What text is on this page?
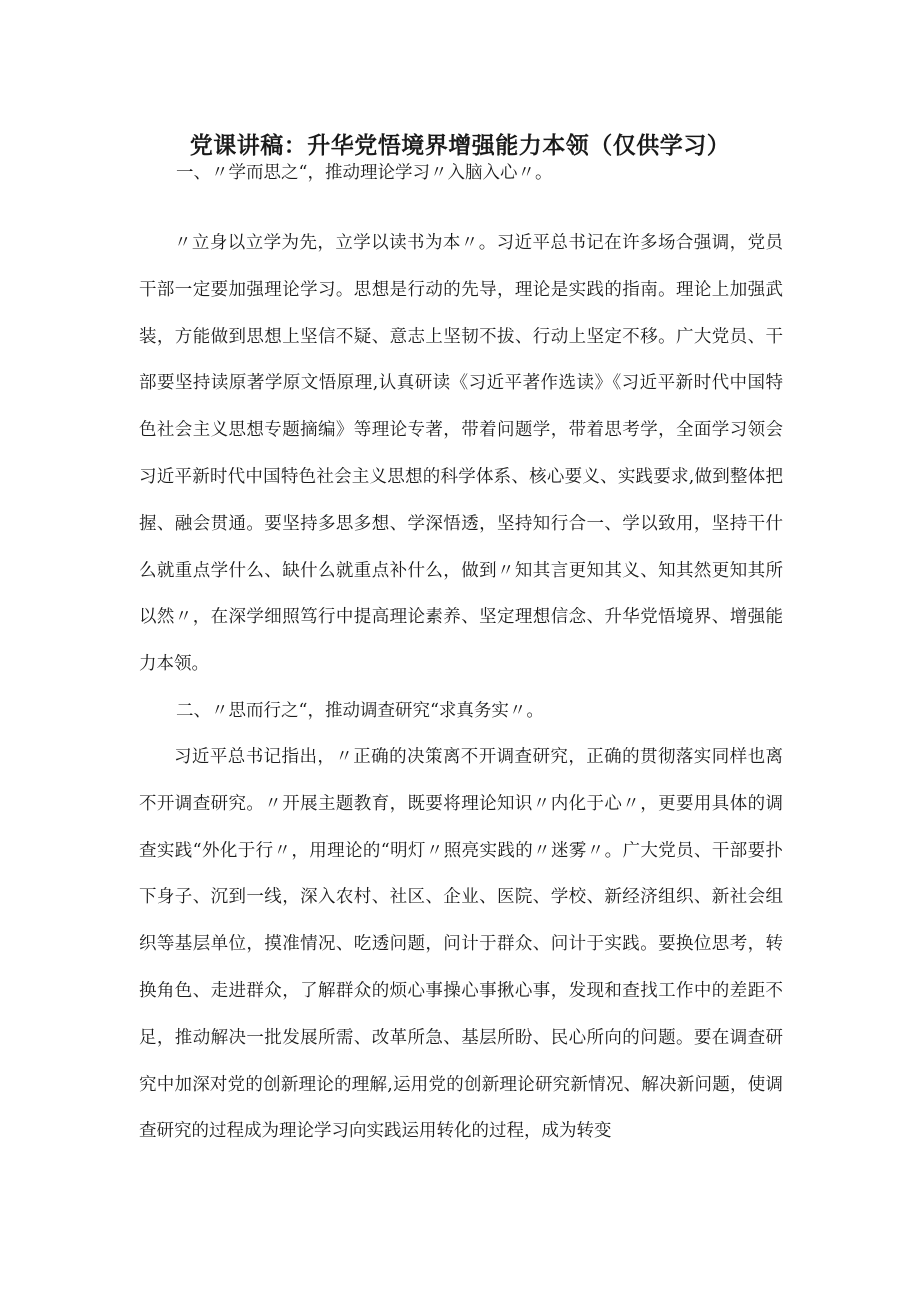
党课讲稿：升华党悟境界增强能力本领（仅供学习）
一、〃学而思之“，推动理论学习〃入脑入心〃。
〃立身以立学为先，立学以读书为本〃。习近平总书记在许多场合强调，党员干部一定要加强理论学习。思想是行动的先导，理论是实践的指南。理论上加强武装，方能做到思想上坚信不疑、意志上坚韧不拔、行动上坚定不移。广大党员、干部要坚持读原著学原文悟原理,认真研读《习近平著作选读》《习近平新时代中国特色社会主义思想专题摘编》等理论专著，带着问题学，带着思考学，全面学习领会习近平新时代中国特色社会主义思想的科学体系、核心要义、实践要求,做到整体把握、融会贯通。要坚持多思多想、学深悟透，坚持知行合一、学以致用，坚持干什么就重点学什么、缺什么就重点补什么，做到〃知其言更知其义、知其然更知其所以然〃，在深学细照笃行中提高理论素养、坚定理想信念、升华党悟境界、增强能力本领。
二、〃思而行之“，推动调查研究“求真务实〃。
习近平总书记指出，〃正确的决策离不开调查研究，正确的贯彻落实同样也离不开调查研究。〃开展主题教育，既要将理论知识〃内化于心〃，更要用具体的调查实践“外化于行〃，用理论的“明灯〃照亮实践的〃迷雾〃。广大党员、干部要扑下身子、沉到一线，深入农村、社区、企业、医院、学校、新经济组织、新社会组织等基层单位，摸准情况、吃透问题，问计于群众、问计于实践。要换位思考，转换角色、走进群众，了解群众的烦心事操心事揪心事，发现和查找工作中的差距不足，推动解决一批发展所需、改革所急、基层所盼、民心所向的问题。要在调查研究中加深对党的创新理论的理解,运用党的创新理论研究新情况、解决新问题，使调查研究的过程成为理论学习向实践运用转化的过程，成为转变
